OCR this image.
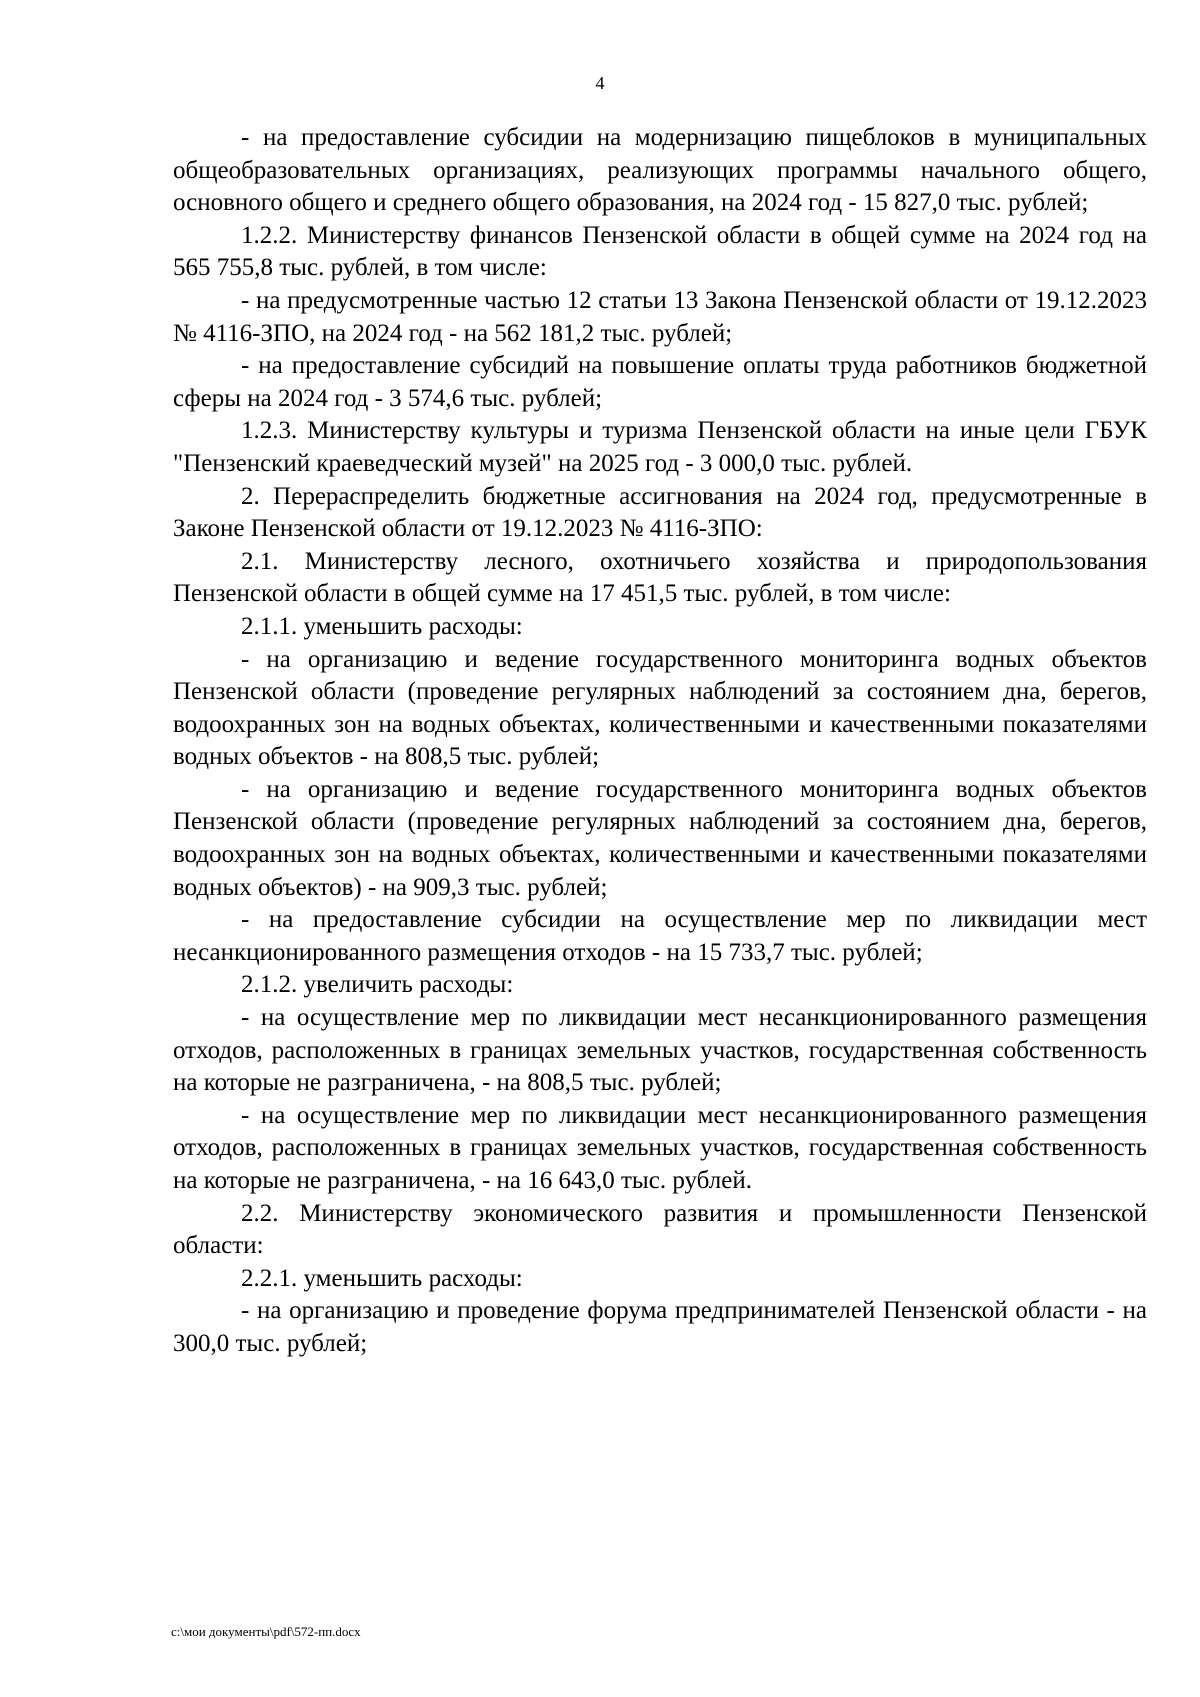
4

- на предоставление субсидии на модернизацию пищеблоков в муниципальных общеобразовательных организациях, реализующих программы начального общего, основного общего и среднего общего образования, на 2024 год - 15 827,0 тыс. рублей;

1.2.2. Министерству финансов Пензенской области в общей сумме на 2024 год на 565 755,8 тыс. рублей, в том числе:

- на предусмотренные частью 12 статьи 13 Закона Пензенской области от 19.12.2023 № 4116-ЗПО, на 2024 год - на 562 181,2 тыс. рублей;

- на предоставление субсидий на повышение оплаты труда работников бюджетной сферы на 2024 год - 3 574,6 тыс. рублей;

1.2.3. Министерству культуры и туризма Пензенской области на иные цели ГБУК "Пензенский краеведческий музей" на 2025 год - 3 000,0 тыс. рублей.

2. Перераспределить бюджетные ассигнования на 2024 год, предусмотренные в Законе Пензенской области от 19.12.2023 № 4116-ЗПО:

2.1. Министерству лесного, охотничьего хозяйства и природопользования Пензенской области в общей сумме на 17 451,5 тыс. рублей, в том числе:

2.1.1. уменьшить расходы:

- на организацию и ведение государственного мониторинга водных объектов Пензенской области (проведение регулярных наблюдений за состоянием дна, берегов, водоохранных зон на водных объектах, количественными и качественными показателями водных объектов - на 808,5 тыс. рублей;

- на организацию и ведение государственного мониторинга водных объектов Пензенской области (проведение регулярных наблюдений за состоянием дна, берегов, водоохранных зон на водных объектах, количественными и качественными показателями водных объектов) - на 909,3 тыс. рублей;

- на предоставление субсидии на осуществление мер по ликвидации мест несанкционированного размещения отходов - на 15 733,7 тыс. рублей;

2.1.2. увеличить расходы:

- на осуществление мер по ликвидации мест несанкционированного размещения отходов, расположенных в границах земельных участков, государственная собственность на которые не разграничена, - на 808,5 тыс. рублей;

- на осуществление мер по ликвидации мест несанкционированного размещения отходов, расположенных в границах земельных участков, государственная собственность на которые не разграничена, - на 16 643,0 тыс. рублей.

2.2. Министерству экономического развития и промышленности Пензенской области:

2.2.1. уменьшить расходы:

- на организацию и проведение форума предпринимателей Пензенской области - на 300,0 тыс. рублей;

c:\мои документы\pdf\572-пп.docx
